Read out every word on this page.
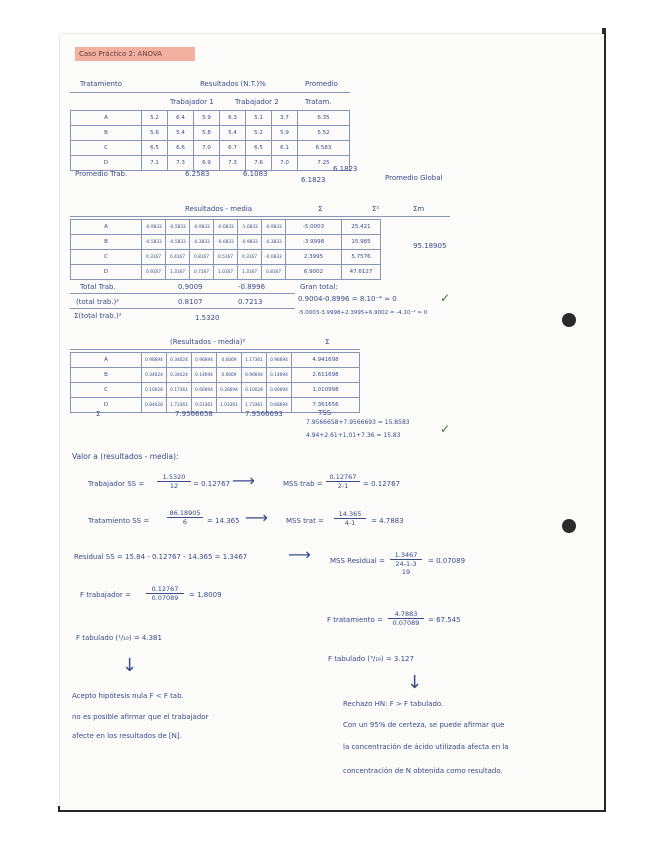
Caso Práctico 2: ANOVA
Tratamiento	Resultados (N.T.)%	Promedio
Trabajador 1	Trabajador 2	Tratam.
A	5.2	6.4	5.9	6.3	5.1	3.7	6.35
B	5.6	5.4	5.8	5.4	5.2	5.9	5.52
C	6.5	6.6	7.0	6.7	6.5	6.1	6.583
D	7.1	7.3	6.9	7.3	7.6	7.0	7.25
Promedio Trab.	6.2583	6.1083
6.1823
6.1823	Promedio Global
Resultados - media	Σ	Σ²	Σm
A	-0.9833	-0.5833	-0.9833	-0.0833	-1.0833	-0.9833	-5.0003	25.421	
B	-0.5833	-0.5833	-0.3833	-0.0833	-0.9833	-0.3833	-3.9998	15.985	
C	0.3167	0.4167	0.8167	0.5167	0.3167	-0.0833	2.3995	5.7576	
D	0.9167	1.3167	0.7167	1.0167	1.3167	0.8167	6.9002	47.6127	
95.18905
Total Trab.	0.9009	-0.8996	Gran total:
(total trab.)²	0.8107	0.7213	0.9004-0.8996 = 8.10⁻⁴ ≈ 0
Σ(total trab.)²	1.5320
-5.0003-3.9998+2.3995+6.9002 = -4.10⁻⁴ ≈ 0
✓
(Resultados - media)²	Σ
A	0.96694	0.34024	0.96694	0.0069	1.17361	0.96694	4.941698
B	0.34024	0.34024	0.14694	0.0069	0.96694	0.14694	2.611698
C	0.10028	0.17361	0.66694	0.26694	0.10028	0.00694	1.010998
D	0.84028	1.73361	0.51361	1.03361	1.73361	0.66694	7.361656
Σ	7.9566658	7.9566693	TSS
7.9566658+7.9566693 = 15.8583
4.94+2.61+1.01+7.36 = 15.83	✓
Valor a (resultados - media):
Trabajador SS = $\frac{1.5320}{12} = 0.12767$ ⟶	MSS trab = $\frac{0.12767}{2-1} = 0.12767$
Tratamiento SS =	$\frac{86.18905}{6} = 14.365$ ⟶	MSS trat = $\frac{14.365}{4-1} = 4.7883$
Residual SS = 15.84 - 0.12767 - 14.365 = 1.3467	⟶	MSS Residual =
1.3467
24-1-3
19
= 0.07089
F trabajador = $\frac{0.12767}{0.07089} = 1.8009$
F tratamiento = $\frac{4.7883}{0.07089} = 67.545$
F tabulado (¹/₁₉) = 4.381
F tabulado (³/₁₉) = 3.127
↓
↓
Acepto hipótesis nula F < F tab.
no es posible afirmar que el trabajador
afecte en los resultados de [N].
Rechazo HN: F > F tabulado.
Con un 95% de certeza, se puede afirmar que
la concentración de ácido utilizada afecta en la
concentración de N obtenida como resultado.
